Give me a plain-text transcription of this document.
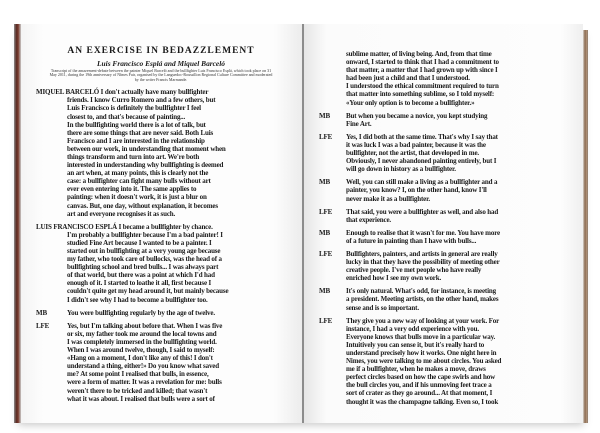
AN EXERCISE IN BEDAZZLEMENT
Luis Francisco Esplá and Miquel Barceló
Transcript of the amazement-debate between the painter Miquel Barceló and the bullfighter Luis Francisco Esplá, which took place on 31 May 2011, during the 19th anniversary of Nîmes Fair, organised by the Languedoc-Roussillon Regional Culture Committee and moderated by the writer Francis Marmande.
MIQUEL BARCELÓ I don't actually have many bullfighter
friends. I know Curro Romero and a few others, but
Luis Francisco is definitely the bullfighter I feel
closest to, and that's because of painting...
In the bullfighting world there is a lot of talk, but
there are some things that are never said. Both Luis
Francisco and I are interested in the relationship
between our work, in understanding that moment when
things transform and turn into art. We're both
interested in understanding why bullfighting is deemed
an art when, at many points, this is clearly not the
case: a bullfighter can fight many bulls without art
ever even entering into it. The same applies to
painting: when it doesn't work, it is just a blur on
canvas. But, one day, without explanation, it becomes
art and everyone recognises it as such.
LUIS FRANCISCO ESPLÁ I became a bullfighter by chance.
I'm probably a bullfighter because I'm a bad painter! I
studied Fine Art because I wanted to be a painter. I
started out in bullfighting at a very young age because
my father, who took care of bullocks, was the head of a
bullfighting school and bred bulls... I was always part
of that world, but there was a point at which I'd had
enough of it. I started to loathe it all, first because I
couldn't quite get my head around it, but mainly because
I didn't see why I had to become a bullfighter too.
MB	You were bullfighting regularly by the age of twelve.
LFE	Yes, but I'm talking about before that. When I was five
or six, my father took me around the local towns and
I was completely immersed in the bullfighting world.
When I was around twelve, though, I said to myself:
«Hang on a moment, I don't like any of this! I don't
understand a thing, either!» Do you know what saved
me? At some point I realised that bulls, in essence,
were a form of matter. It was a revelation for me: bulls
weren't there to be tricked and killed; that wasn't
what it was about. I realised that bulls were a sort of
sublime matter, of living being. And, from that time
onward, I started to think that I had a commitment to
that matter, a matter that I had grown up with since I
had been just a child and that I understood.
I understood the ethical commitment required to turn
that matter into something sublime, so I told myself:
«Your only option is to become a bullfighter.»
MB	But when you became a novice, you kept studying
Fine Art.
LFE	Yes, I did both at the same time. That's why I say that
it was luck I was a bad painter, because it was the
bullfighter, not the artist, that developed in me.
Obviously, I never abandoned painting entirely, but I
will go down in history as a bullfighter.
MB	Well, you can still make a living as a bullfighter and a
painter, you know? I, on the other hand, know I'll
never make it as a bullfighter.
LFE	That said, you were a bullfighter as well, and also had
that experience.
MB	Enough to realise that it wasn't for me. You have more
of a future in painting than I have with bulls...
LFE	Bullfighters, painters, and artists in general are really
lucky in that they have the possibility of meeting other
creative people. I've met people who have really
enriched how I see my own work.
MB	It's only natural. What's odd, for instance, is meeting
a president. Meeting artists, on the other hand, makes
sense and is so important.
LFE	They give you a new way of looking at your work. For
instance, I had a very odd experience with you.
Everyone knows that bulls move in a particular way.
Intuitively you can sense it, but it's really hard to
understand precisely how it works. One night here in
Nimes, you were talking to me about circles. You asked
me if a bullfighter, when he makes a move, draws
perfect circles based on how the cape swirls and how
the bull circles you, and if his unmoving feet trace a
sort of crater as they go around... At that moment, I
thought it was the champagne talking. Even so, I took
